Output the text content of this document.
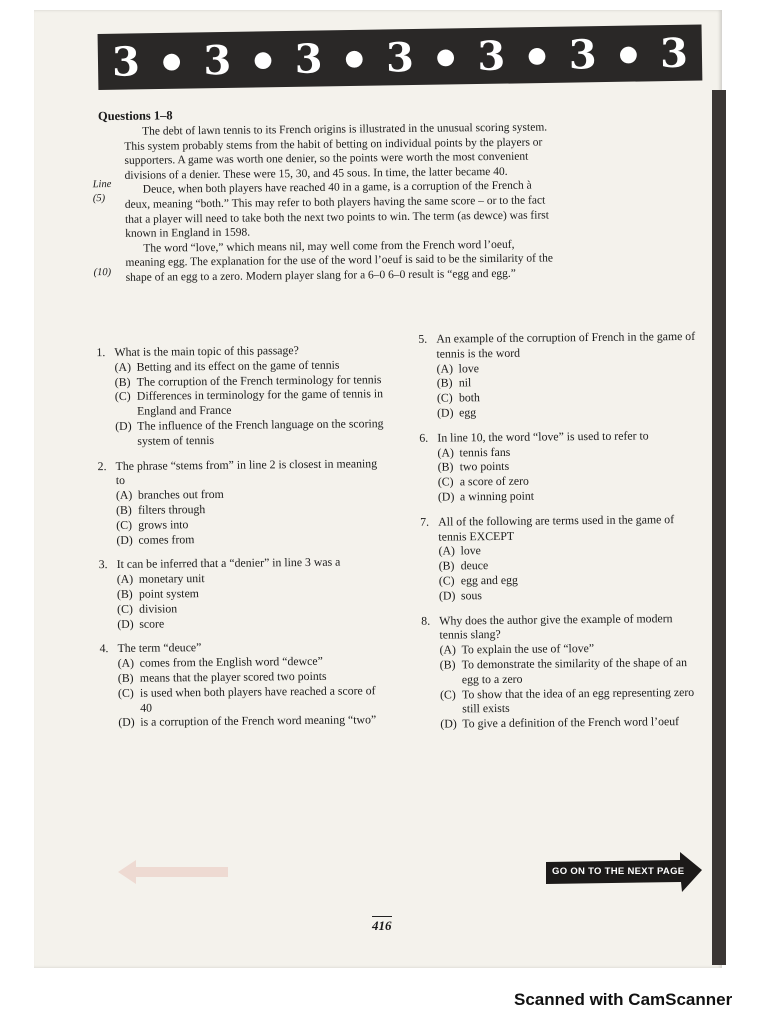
3 ● 3 ● 3 ● 3 ● 3 ● 3 ● 3
Questions 1–8
Line
(5)
(10)

The debt of lawn tennis to its French origins is illustrated in the unusual scoring system. This system probably stems from the habit of betting on individual points by the players or supporters. A game was worth one denier, so the points were worth the most convenient divisions of a denier. These were 15, 30, and 45 sous. In time, the latter became 40.

Deuce, when both players have reached 40 in a game, is a corruption of the French à deux, meaning “both.” This may refer to both players having the same score – or to the fact that a player will need to take both the next two points to win. The term (as dewce) was first known in England in 1598.

The word “love,” which means nil, may well come from the French word l’oeuf, meaning egg. The explanation for the use of the word l’oeuf is said to be the similarity of the shape of an egg to a zero. Modern player slang for a 6–0 6–0 result is “egg and egg.”

1. What is the main topic of this passage?
(A) Betting and its effect on the game of tennis
(B) The corruption of the French terminology for tennis
(C) Differences in terminology for the game of tennis in England and France
(D) The influence of the French language on the scoring system of tennis
2. The phrase “stems from” in line 2 is closest in meaning to
(A) branches out from
(B) filters through
(C) grows into
(D) comes from
3. It can be inferred that a “denier” in line 3 was a
(A) monetary unit
(B) point system
(C) division
(D) score
4. The term “deuce”
(A) comes from the English word “dewce”
(B) means that the player scored two points
(C) is used when both players have reached a score of 40
(D) is a corruption of the French word meaning “two”
5. An example of the corruption of French in the game of tennis is the word
(A) love
(B) nil
(C) both
(D) egg
6. In line 10, the word “love” is used to refer to
(A) tennis fans
(B) two points
(C) a score of zero
(D) a winning point
7. All of the following are terms used in the game of tennis EXCEPT
(A) love
(B) deuce
(C) egg and egg
(D) sous
8. Why does the author give the example of modern tennis slang?
(A) To explain the use of “love”
(B) To demonstrate the similarity of the shape of an egg to a zero
(C) To show that the idea of an egg representing zero still exists
(D) To give a definition of the French word l’oeuf
GO ON TO THE NEXT PAGE
416
Scanned with CamScanner
